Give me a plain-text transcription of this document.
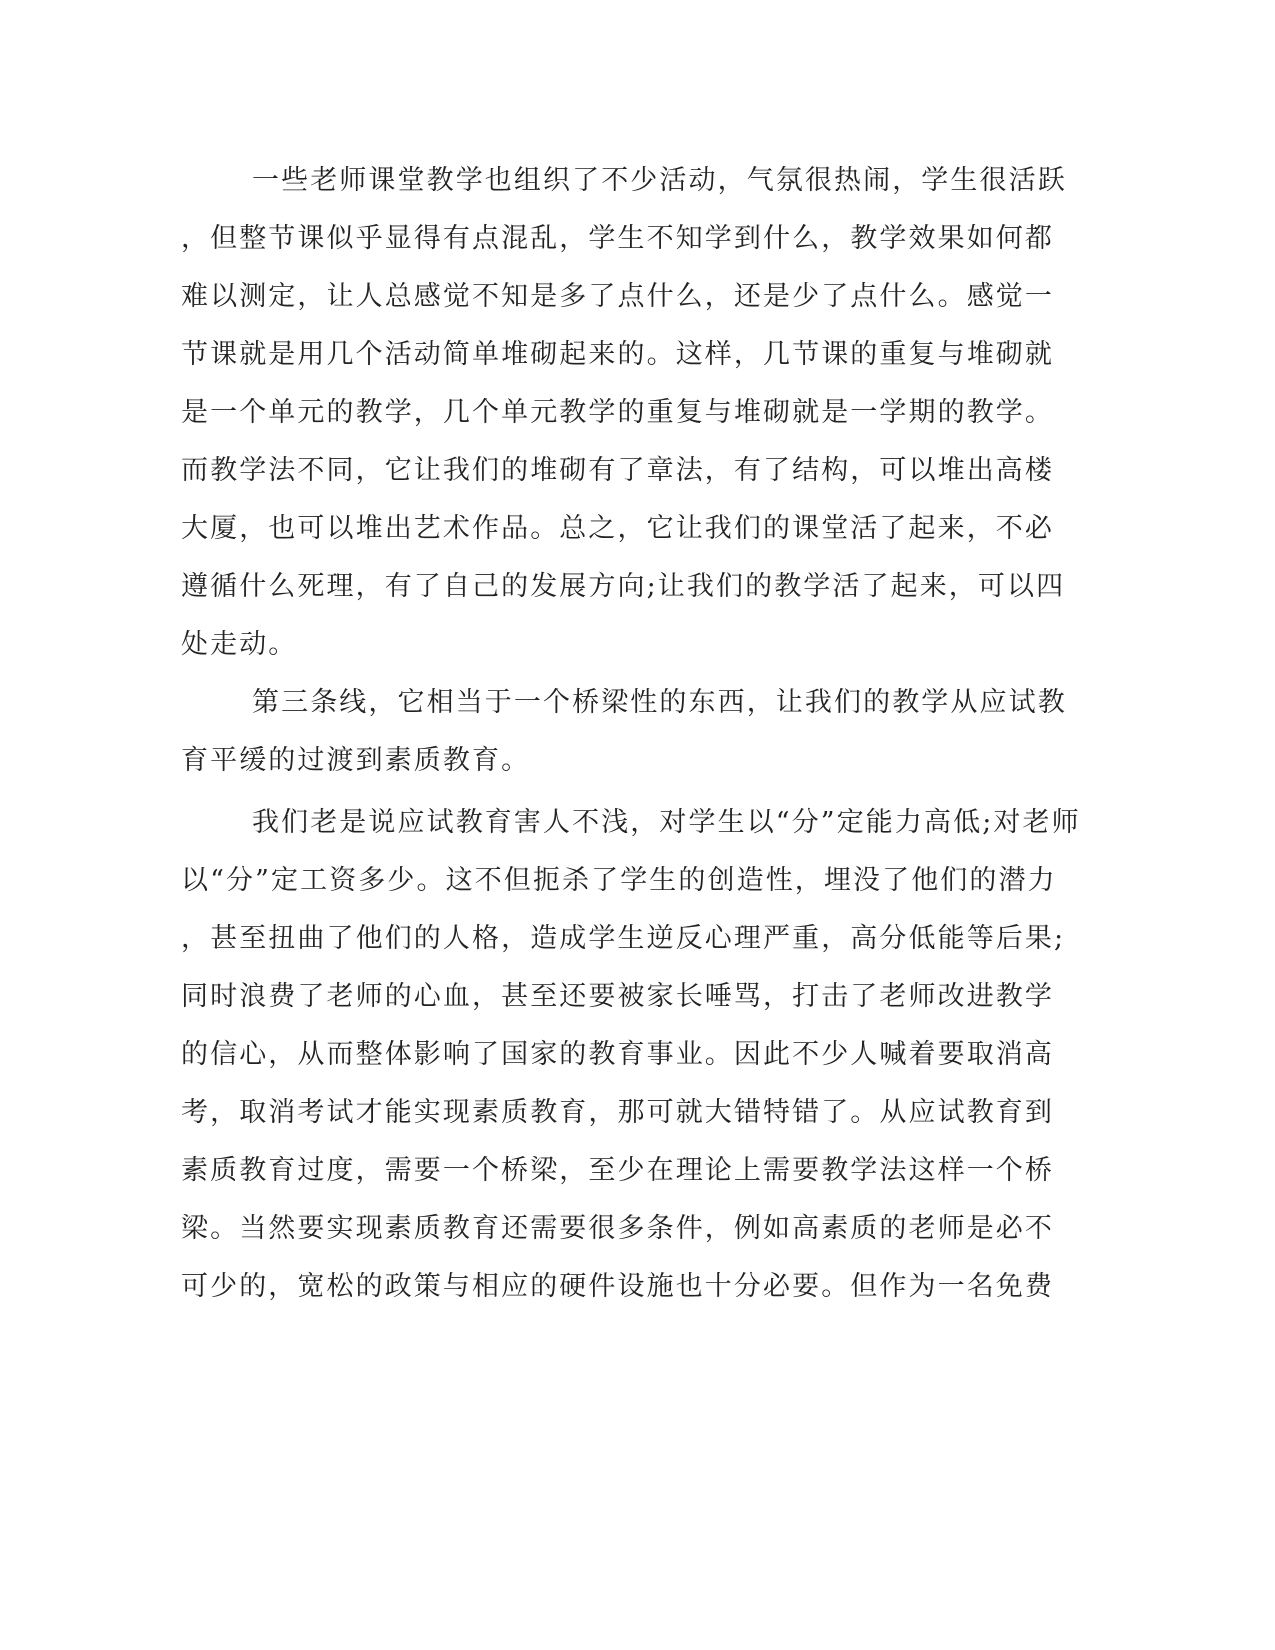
一些老师课堂教学也组织了不少活动，气氛很热闹，学生很活跃
，但整节课似乎显得有点混乱，学生不知学到什么，教学效果如何都
难以测定，让人总感觉不知是多了点什么，还是少了点什么。感觉一
节课就是用几个活动简单堆砌起来的。这样，几节课的重复与堆砌就
是一个单元的教学，几个单元教学的重复与堆砌就是一学期的教学。
而教学法不同，它让我们的堆砌有了章法，有了结构，可以堆出高楼
大厦，也可以堆出艺术作品。总之，它让我们的课堂活了起来，不必
遵循什么死理，有了自己的发展方向;让我们的教学活了起来，可以四
处走动。
第三条线，它相当于一个桥梁性的东西，让我们的教学从应试教
育平缓的过渡到素质教育。
我们老是说应试教育害人不浅，对学生以“分”定能力高低;对老师
以“分”定工资多少。这不但扼杀了学生的创造性，埋没了他们的潜力
，甚至扭曲了他们的人格，造成学生逆反心理严重，高分低能等后果;
同时浪费了老师的心血，甚至还要被家长唾骂，打击了老师改进教学
的信心，从而整体影响了国家的教育事业。因此不少人喊着要取消高
考，取消考试才能实现素质教育，那可就大错特错了。从应试教育到
素质教育过度，需要一个桥梁，至少在理论上需要教学法这样一个桥
梁。当然要实现素质教育还需要很多条件，例如高素质的老师是必不
可少的，宽松的政策与相应的硬件设施也十分必要。但作为一名免费
